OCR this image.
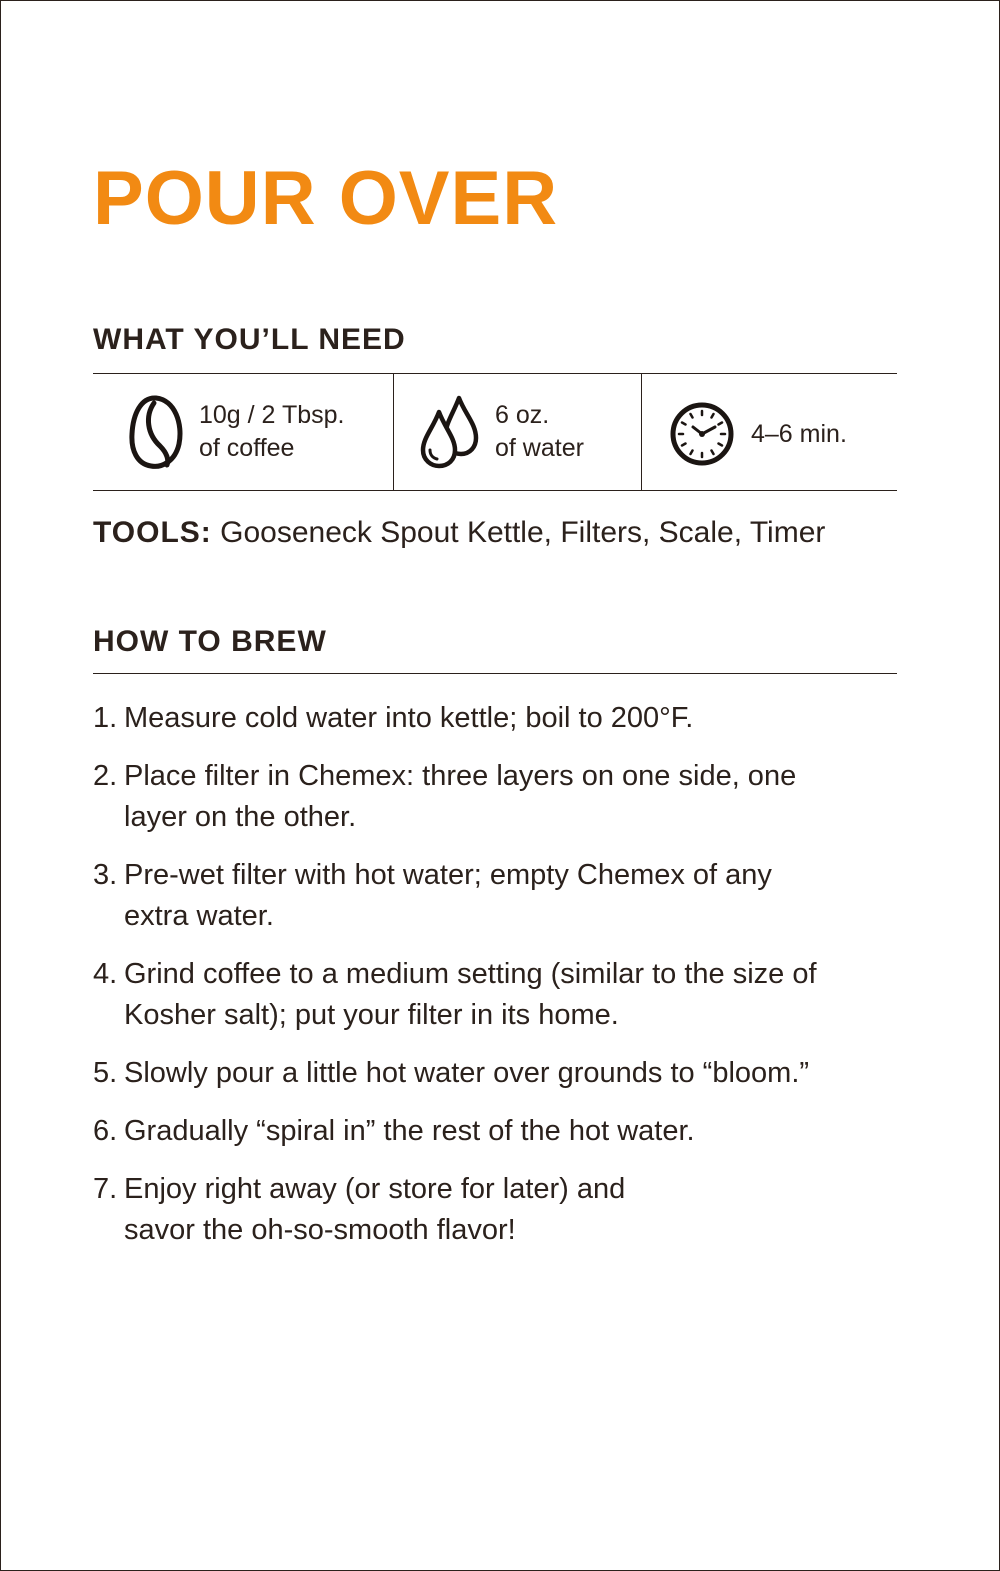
POUR OVER
WHAT YOU’LL NEED
10g / 2 Tbsp.
of coffee
6 oz.
of water
4–6 min.

TOOLS: Gooseneck Spout Kettle, Filters, Scale, Timer

HOW TO BREW
1. Measure cold water into kettle; boil to 200°F.
2. Place filter in Chemex: three layers on one side, one layer on the other.
3. Pre-wet filter with hot water; empty Chemex of any extra water.
4. Grind coffee to a medium setting (similar to the size of Kosher salt); put your filter in its home.
5. Slowly pour a little hot water over grounds to “bloom.”
6. Gradually “spiral in” the rest of the hot water.
7. Enjoy right away (or store for later) and savor the oh-so-smooth flavor!
